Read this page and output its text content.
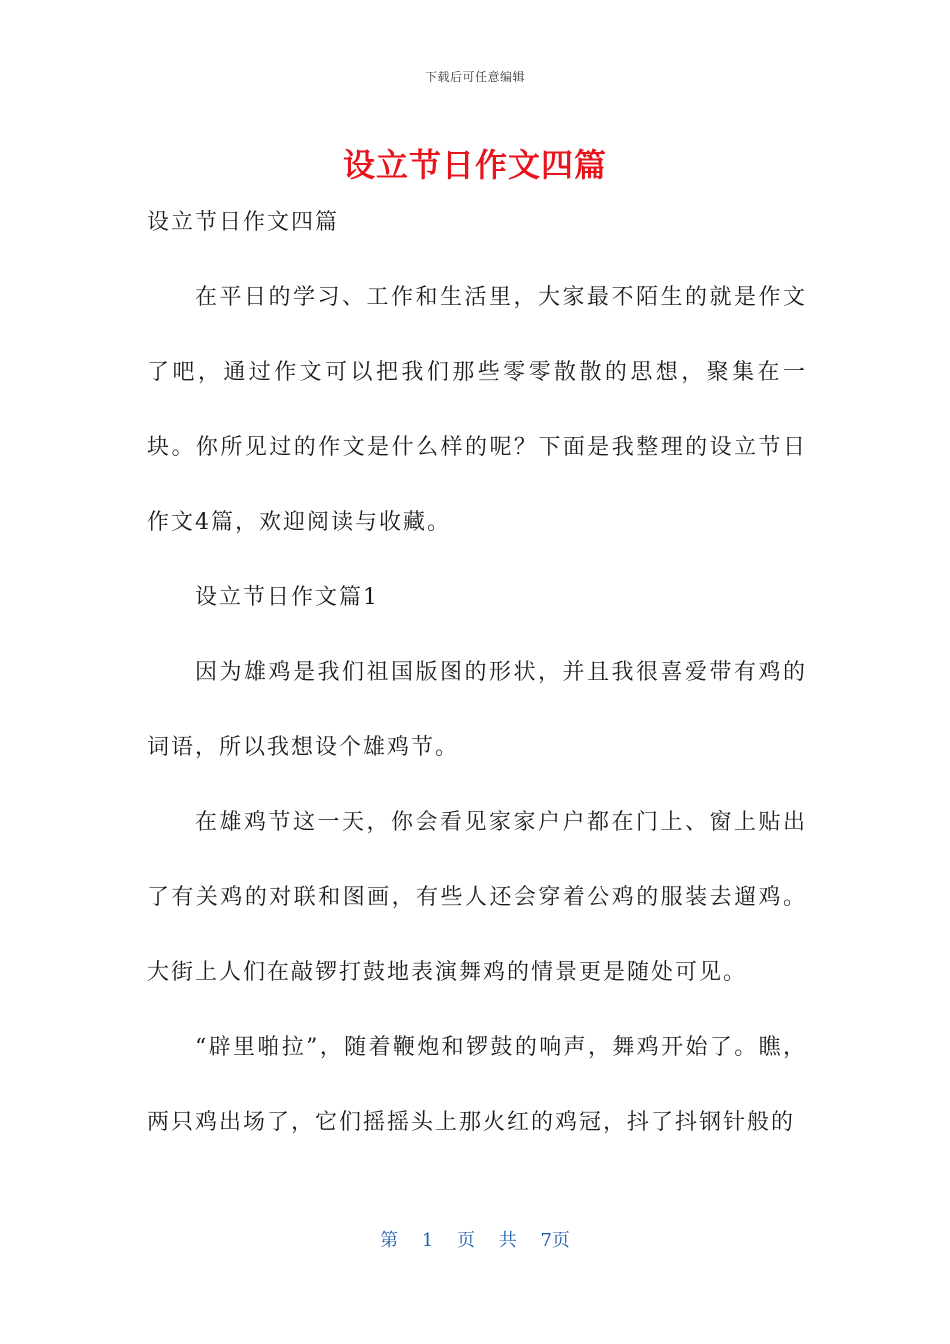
下载后可任意编辑
设立节日作文四篇

设立节日作文四篇

在平日的学习、工作和生活里，大家最不陌生的就是作文了吧，通过作文可以把我们那些零零散散的思想，聚集在一块。你所见过的作文是什么样的呢？下面是我整理的设立节日作文4篇，欢迎阅读与收藏。

设立节日作文篇1

因为雄鸡是我们祖国版图的形状，并且我很喜爱带有鸡的词语，所以我想设个雄鸡节。

在雄鸡节这一天，你会看见家家户户都在门上、窗上贴出了有关鸡的对联和图画，有些人还会穿着公鸡的服装去遛鸡。大街上人们在敲锣打鼓地表演舞鸡的情景更是随处可见。

“辟里啪拉”，随着鞭炮和锣鼓的响声，舞鸡开始了。瞧，两只鸡出场了，它们摇摇头上那火红的鸡冠，抖了抖钢针般的

第 1 页 共 7页
